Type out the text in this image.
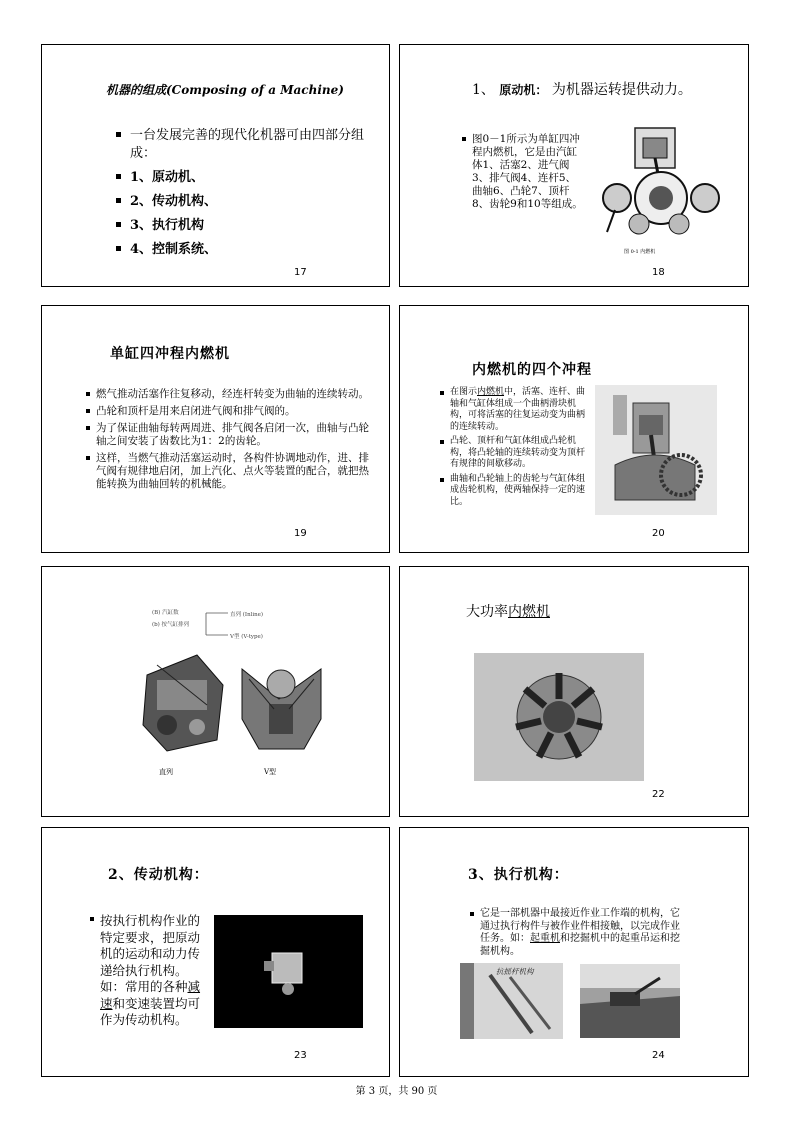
机器的组成(Composing of a Machine)
一台发展完善的现代化机器可由四部分组成：
1、原动机、
2、传动机构、
3、执行机构
4、控制系统、
17
1、 原动机： 为机器运转提供动力。
图0－1所示为单缸四冲程内燃机，它是由汽缸体1、活塞2、进气阀3、排气阀4、连杆5、曲轴6、凸轮7、顶杆8、齿轮9和10等组成。
图 0-1 内燃机
18
单缸四冲程内燃机
燃气推动活塞作往复移动，经连杆转变为曲轴的连续转动。
凸轮和顶杆是用来启闭进气阀和排气阀的。
为了保证曲轴每转两周进、排气阀各启闭一次，曲轴与凸轮轴之间安装了齿数比为1：2的齿轮。
这样，当燃气推动活塞运动时，各构件协调地动作，进、排气阀有规律地启闭，加上汽化、点火等装置的配合，就把热能转换为曲轴回转的机械能。
19
内燃机的四个冲程
在图示内燃机中，活塞、连杆、曲轴和气缸体组成一个曲柄滑块机构，可将活塞的往复运动变为曲柄的连续转动。
凸轮、顶杆和气缸体组成凸轮机构，将凸轮轴的连续转动变为顶杆有规律的间歇移动。
曲轴和凸轮轴上的齿轮与气缸体组成齿轮机构，使两轴保持一定的速比。
20
(B) 汽缸数
(b) 按气缸排列
直列 (Inline)
V型 (V-type)
直列	V型
大功率内燃机
22
2、传动机构：
按执行机构作业的特定要求，把原动机的运动和动力传递给执行机构。如：常用的各种减速和变速装置均可作为传动机构。
23
3、执行机构：
它是一部机器中最接近作业工作端的机构，它通过执行构件与被作业件相接触，以完成作业任务。如：起重机和挖掘机中的起重吊运和挖掘机构。
抗摇杆机构
24
第 3 页，共 90 页
